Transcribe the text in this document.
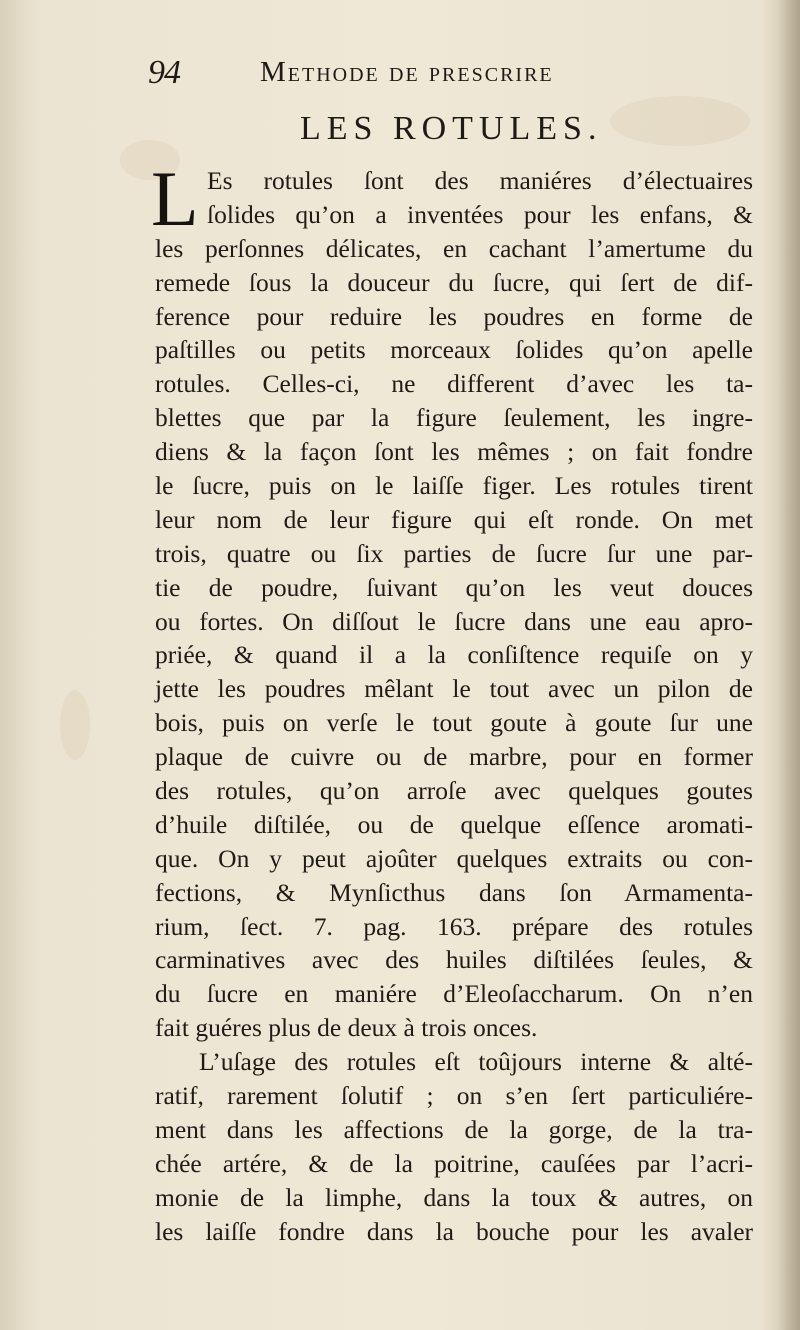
94	Methode de prescrire
LES ROTULES.
L Es rotules ſont des maniéres d’électuaires
ſolides qu’on a inventées pour les enfans, &
les perſonnes délicates, en cachant l’amertume du
remede ſous la douceur du ſucre, qui ſert de dif-
ference pour reduire les poudres en forme de
paſtilles ou petits morceaux ſolides qu’on apelle
rotules. Celles-ci, ne different d’avec les ta-
blettes que par la figure ſeulement, les ingre-
diens & la façon ſont les mêmes ; on fait fondre
le ſucre, puis on le laiſſe figer. Les rotules tirent
leur nom de leur figure qui eſt ronde. On met
trois, quatre ou ſix parties de ſucre ſur une par-
tie de poudre, ſuivant qu’on les veut douces
ou fortes. On diſſout le ſucre dans une eau apro-
priée, & quand il a la conſiſtence requiſe on y
jette les poudres mêlant le tout avec un pilon de
bois, puis on verſe le tout goute à goute ſur une
plaque de cuivre ou de marbre, pour en former
des rotules, qu’on arroſe avec quelques goutes
d’huile diſtilée, ou de quelque eſſence aromati-
que. On y peut ajoûter quelques extraits ou con-
fections, & Mynſicthus dans ſon Armamenta-
rium, ſect. 7. pag. 163. prépare des rotules
carminatives avec des huiles diſtilées ſeules, &
du ſucre en maniére d’Eleoſaccharum. On n’en
fait guéres plus de deux à trois onces.
L’uſage des rotules eſt toûjours interne & alté-
ratif, rarement ſolutif ; on s’en ſert particuliére-
ment dans les affections de la gorge, de la tra-
chée artére, & de la poitrine, cauſées par l’acri-
monie de la limphe, dans la toux & autres, on
les laiſſe fondre dans la bouche pour les avaler
